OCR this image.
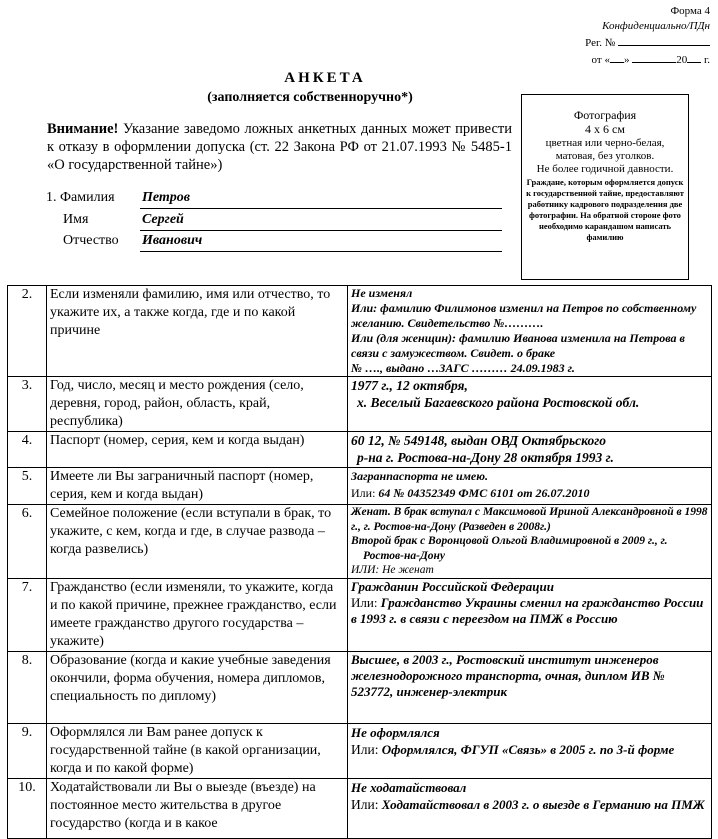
Форма 4
Конфиденциально/ПДн
Рег. №
от « »	20 г.
АНКЕТА
(заполняется собственноручно*)
Внимание! Указание заведомо ложных анкетных данных может привести к отказу в оформлении допуска (ст. 22 Закона РФ от 21.07.1993 № 5485-1 «О государственной тайне»)
Фотография
4 х 6 см
цветная или черно-белая,
матовая, без уголков.
Не более годичной давности.
Граждане, которым оформляется допуск к государственной тайне, предоставляют работнику кадрового подразделения две фотографии. На обратной стороне фото необходимо карандашом написать фамилию
1. Фамилия Петров
Имя	Сергей
Отчество Иванович
2.	Если изменяли фамилию, имя или отчество, то укажите их, а также когда, где и по какой причине	Не изменял
Или: фамилию Филимонов изменил на Петров по собственному желанию. Свидетельство №……….
Или (для женщин): фамилию Иванова изменила на Петрова в связи с замужеством. Свидет. о браке
№ …., выдано …ЗАГС ……… 24.09.1983 г.

3.	Год, число, месяц и место рождения (село, деревня, город, район, область, край, республика)	1977 г., 12 октября,
х. Веселый Багаевского района Ростовской обл.

4.	Паспорт (номер, серия, кем и когда выдан)	60 12, № 549148, выдан ОВД Октябрьского
р-на г. Ростова-на-Дону 28 октября 1993 г.

5.	Имеете ли Вы заграничный паспорт (номер, серия, кем и когда выдан)	Загранпаспорта не имею.
Или: 64 № 04352349 ФМС 6101 от 26.07.2010

6.	Семейное положение (если вступали в брак, то укажите, с кем, когда и где, в случае развода – когда развелись)	Женат. В брак вступал с Максимовой Ириной Александровной в 1998 г., г. Ростов-на-Дону (Разведен в 2008г.)
Второй брак с Воронцовой Ольгой Владимировной в 2009 г., г.
Ростов-на-Дону
ИЛИ: Не женат

7.	Гражданство (если изменяли, то укажите, когда и по какой причине, прежнее гражданство, если имеете гражданство другого государства – укажите)	Гражданин Российской Федерации
Или: Гражданство Украины сменил на гражданство России в 1993 г. в связи с переездом на ПМЖ в Россию

8.	Образование (когда и какие учебные заведения окончили, форма обучения, номера дипломов, специальность по диплому)	Высшее, в 2003 г., Ростовский институт инженеров железнодорожного транспорта, очная, диплом ИВ № 523772, инженер-электрик

9.	Оформлялся ли Вам ранее допуск к государственной тайне (в какой организации, когда и по какой форме)	Не оформлялся
Или: Оформлялся, ФГУП «Связь» в 2005 г. по 3-й форме

10.	Ходатайствовали ли Вы о выезде (въезде) на постоянное место жительства в другое государство (когда и в какое	Не ходатайствовал
Или: Ходатайствовал в 2003 г. о выезде в Германию на ПМЖ
